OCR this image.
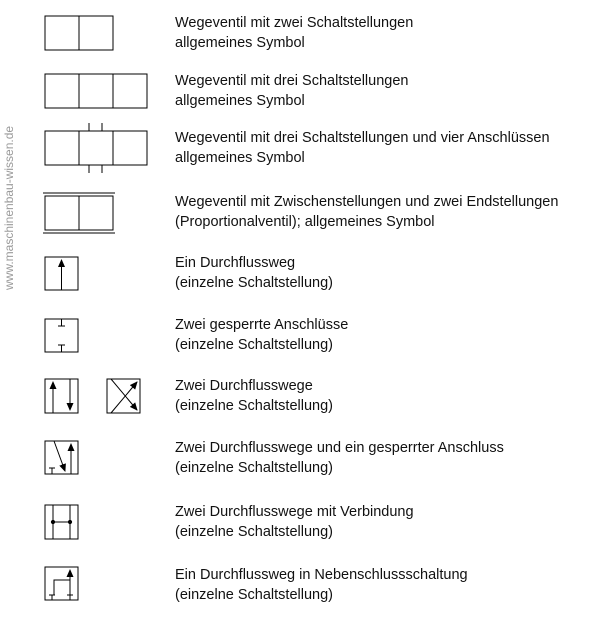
www.maschinenbau-wissen.de
Wegeventil mit zwei Schaltstellungen
allgemeines Symbol
Wegeventil mit drei Schaltstellungen
allgemeines Symbol
Wegeventil mit drei Schaltstellungen und vier Anschlüssen
allgemeines Symbol
Wegeventil mit Zwischenstellungen und zwei Endstellungen
(Proportionalventil); allgemeines Symbol
Ein Durchflussweg
(einzelne Schaltstellung)
Zwei gesperrte Anschlüsse
(einzelne Schaltstellung)
Zwei Durchflusswege
(einzelne Schaltstellung)
Zwei Durchflusswege und ein gesperrter Anschluss
(einzelne Schaltstellung)
Zwei Durchflusswege mit Verbindung
(einzelne Schaltstellung)
Ein Durchflussweg in Nebenschlussschaltung
(einzelne Schaltstellung)
